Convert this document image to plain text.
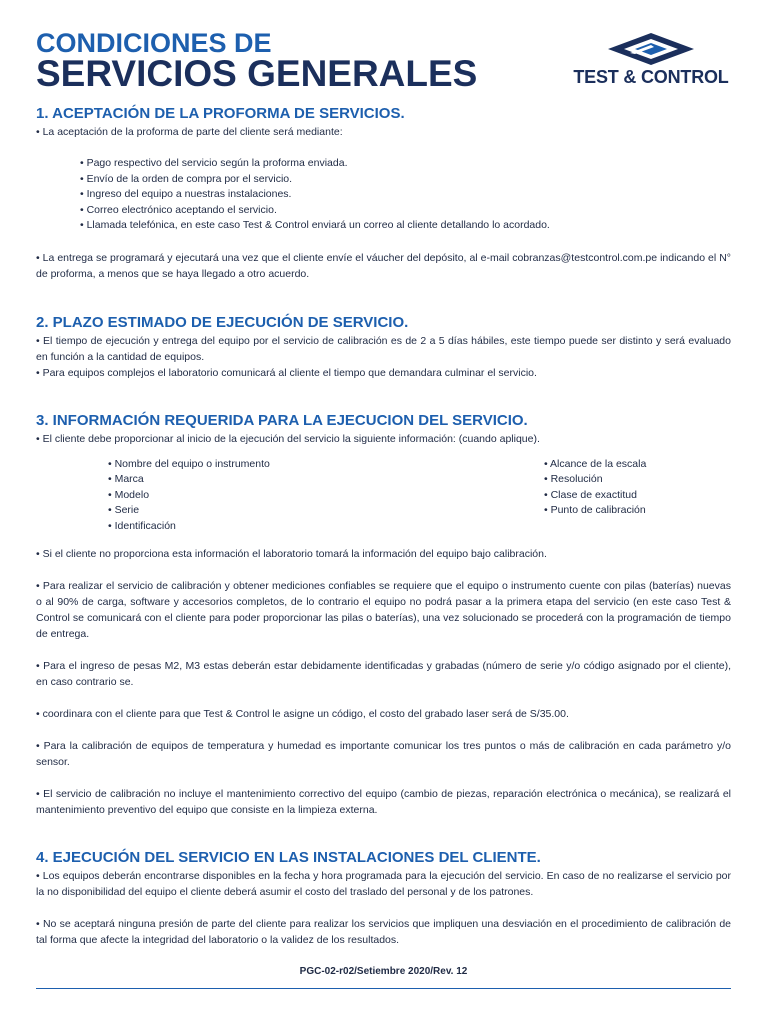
CONDICIONES DE
SERVICIOS GENERALES	TEST & CONTROL
1. ACEPTACIÓN DE LA PROFORMA DE SERVICIOS.

• La aceptación de la proforma de parte del cliente será mediante:

• Pago respectivo del servicio según la proforma enviada.
• Envío de la orden de compra por el servicio.
• Ingreso del equipo a nuestras instalaciones.
• Correo electrónico aceptando el servicio.
• Llamada telefónica, en este caso Test & Control enviará un correo al cliente detallando lo acordado.

• La entrega se programará y ejecutará una vez que el cliente envíe el váucher del depósito, al e-mail cobranzas@testcontrol.com.pe indicando el N° de proforma, a menos que se haya llegado a otro acuerdo.

2. PLAZO ESTIMADO DE EJECUCIÓN DE SERVICIO.

• El tiempo de ejecución y entrega del equipo por el servicio de calibración es de 2 a 5 días hábiles, este tiempo puede ser distinto y será evaluado en función a la cantidad de equipos.

• Para equipos complejos el laboratorio comunicará al cliente el tiempo que demandara culminar el servicio.

3. INFORMACIÓN REQUERIDA PARA LA EJECUCION DEL SERVICIO.

• El cliente debe proporcionar al inicio de la ejecución del servicio la siguiente información: (cuando aplique).

• Nombre del equipo o instrumento
• Marca
• Modelo
• Serie
• Identificación
• Alcance de la escala
• Resolución
• Clase de exactitud
• Punto de calibración

• Si el cliente no proporciona esta información el laboratorio tomará la información del equipo bajo calibración.

• Para realizar el servicio de calibración y obtener mediciones confiables se requiere que el equipo o instrumento cuente con pilas (baterías) nuevas o al 90% de carga, software y accesorios completos, de lo contrario el equipo no podrá pasar a la primera etapa del servicio (en este caso Test & Control se comunicará con el cliente para poder proporcionar las pilas o baterías), una vez solucionado se procederá con la programación de tiempo de entrega.

• Para el ingreso de pesas M2, M3 estas deberán estar debidamente identificadas y grabadas (número de serie y/o código asignado por el cliente), en caso contrario se.

• coordinara con el cliente para que Test & Control le asigne un código, el costo del grabado laser será de S/35.00.

• Para la calibración de equipos de temperatura y humedad es importante comunicar los tres puntos o más de calibración en cada parámetro y/o sensor.

• El servicio de calibración no incluye el mantenimiento correctivo del equipo (cambio de piezas, reparación electrónica o mecánica), se realizará el mantenimiento preventivo del equipo que consiste en la limpieza externa.

4. EJECUCIÓN DEL SERVICIO EN LAS INSTALACIONES DEL CLIENTE.

• Los equipos deberán encontrarse disponibles en la fecha y hora programada para la ejecución del servicio. En caso de no realizarse el servicio por la no disponibilidad del equipo el cliente deberá asumir el costo del traslado del personal y de los patrones.

• No se aceptará ninguna presión de parte del cliente para realizar los servicios que impliquen una desviación en el procedimiento de calibración de tal forma que afecte la integridad del laboratorio o la validez de los resultados.

PGC-02-r02/Setiembre 2020/Rev. 12
